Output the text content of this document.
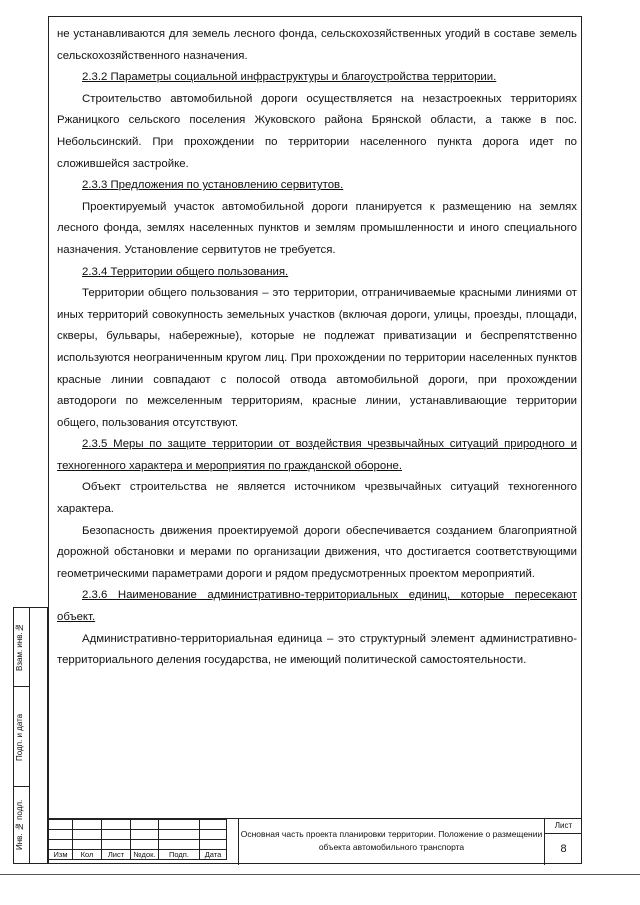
не устанавливаются для земель лесного фонда, сельскохозяйственных угодий в составе земель сельскохозяйственного назначения.

2.3.2 Параметры социальной инфраструктуры и благоустройства территории.

Строительство автомобильной дороги осуществляется на незастроекных территориях Ржаницкого сельского поселения Жуковского района Брянской области, а также в пос. Небольсинский. При прохождении по территории населенного пункта дорога идет по сложившейся застройке.

2.3.3 Предложения по установлению сервитутов.

Проектируемый участок автомобильной дороги планируется к размещению на землях лесного фонда, землях населенных пунктов и землям промышленности и иного специального назначения. Установление сервитутов не требуется.

2.3.4 Территории общего пользования.

Территории общего пользования – это территории, отграничиваемые красными линиями от иных территорий совокупность земельных участков (включая дороги, улицы, проезды, площади, скверы, бульвары, набережные), которые не подлежат приватизации и беспрепятственно используются неограниченным кругом лиц. При прохождении по территории населенных пунктов красные линии совпадают с полосой отвода автомобильной дороги, при прохождении автодороги по межселенным территориям, красные линии, устанавливающие территории общего, пользования отсутствуют.

2.3.5 Меры по защите территории от воздействия чрезвычайных ситуаций природного и техногенного характера и мероприятия по гражданской обороне.

Объект строительства не является источником чрезвычайных ситуаций техногенного характера.

Безопасность движения проектируемой дороги обеспечивается созданием благоприятной дорожной обстановки и мерами по организации движения, что достигается соответствующими геометрическими параметрами дороги и рядом предусмотренных проектом мероприятий.

2.3.6 Наименование административно-территориальных единиц, которые пересекают объект.

Административно-территориальная единица – это структурный элемент административно-территориального деления государства, не имеющий политической самостоятельности.

Взам. инв.№
Подп. и дата
Инв. № подл.

Изм	Кол	Лист	№док.	Подп.	Дата
Основная часть проекта планировки территории. Положение о размещении объекта автомобильного транспорта
Лист
8
